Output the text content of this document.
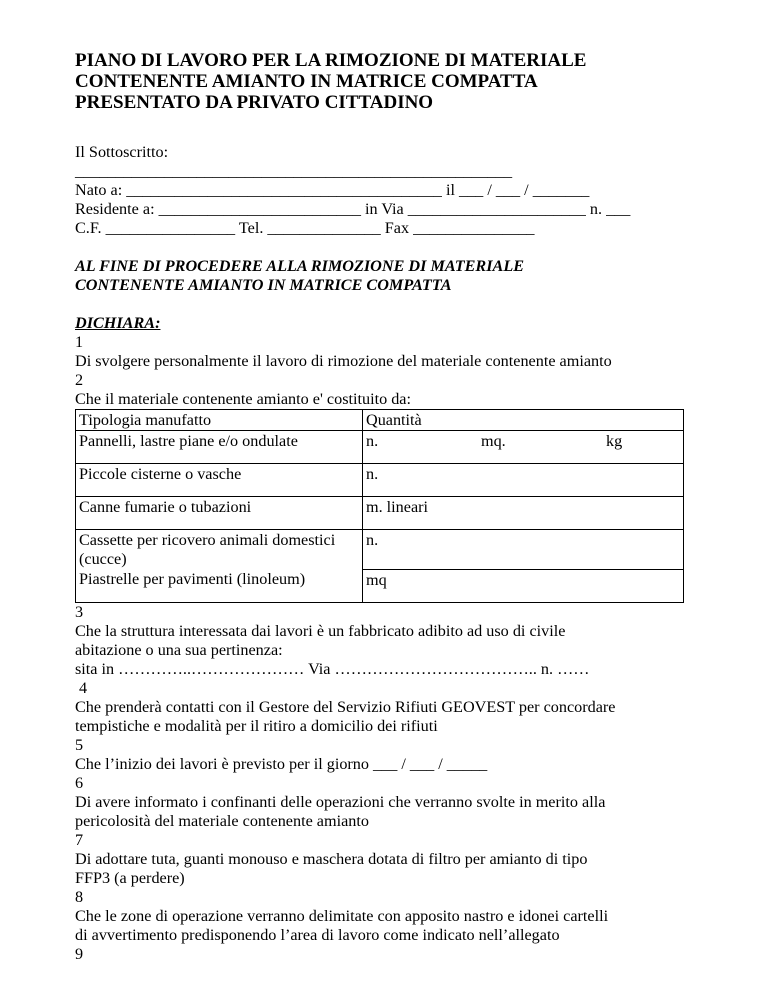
PIANO DI LAVORO PER LA RIMOZIONE DI MATERIALE
CONTENENTE AMIANTO IN MATRICE COMPATTA
PRESENTATO DA PRIVATO CITTADINO
Il Sottoscritto:
______________________________________________________
Nato a: _______________________________________ il ___ / ___ / _______
Residente a: _________________________ in Via ______________________ n. ___
C.F. ________________ Tel. ______________ Fax _______________
AL FINE DI PROCEDERE ALLA RIMOZIONE DI MATERIALE
CONTENENTE AMIANTO IN MATRICE COMPATTA
DICHIARA:
1
Di svolgere personalmente il lavoro di rimozione del materiale contenente amianto
2
Che il materiale contenente amianto e' costituito da:
Tipologia manufatto	Quantità
Pannelli, lastre piane e/o ondulate	n. mq. kg
Piccole cisterne o vasche	n.
Canne fumarie o tubazioni	m. lineari
Cassette per ricovero animali domestici (cucce)	n.
Piastrelle per pavimenti (linoleum)	mq
3
Che la struttura interessata dai lavori è un fabbricato adibito ad uso di civile
abitazione o una sua pertinenza:
sita in …………..………………… Via ……………………………….. n. ……
4
Che prenderà contatti con il Gestore del Servizio Rifiuti GEOVEST per concordare
tempistiche e modalità per il ritiro a domicilio dei rifiuti
5
Che l’inizio dei lavori è previsto per il giorno ___ / ___ / _____
6
Di avere informato i confinanti delle operazioni che verranno svolte in merito alla
pericolosità del materiale contenente amianto
7
Di adottare tuta, guanti monouso e maschera dotata di filtro per amianto di tipo
FFP3 (a perdere)
8
Che le zone di operazione verranno delimitate con apposito nastro e idonei cartelli
di avvertimento predisponendo l’area di lavoro come indicato nell’allegato
9
